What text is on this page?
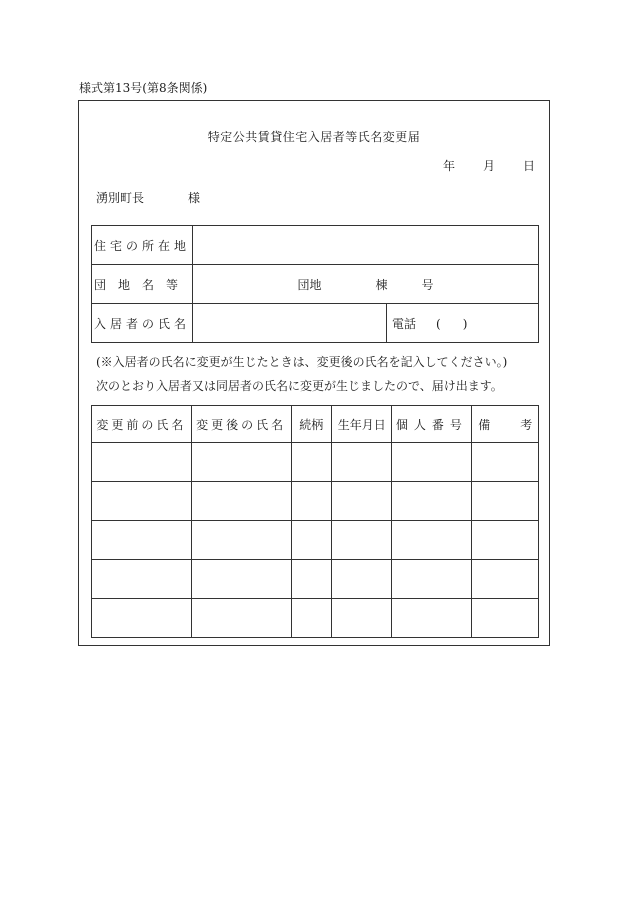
様式第13号(第8条関係)
特定公共賃貸住宅入居者等氏名変更届
年 月 日
湧別町長	様
住宅の所在地		
団地名等	団地 棟 号	
入居者の氏名		電話 ( )
(※入居者の氏名に変更が生じたときは、変更後の氏名を記入してください。)
次のとおり入居者又は同居者の氏名に変更が生じましたので、届け出ます。
変更前の氏名	変更後の氏名	続柄	生年月日	個人番号	備 考
